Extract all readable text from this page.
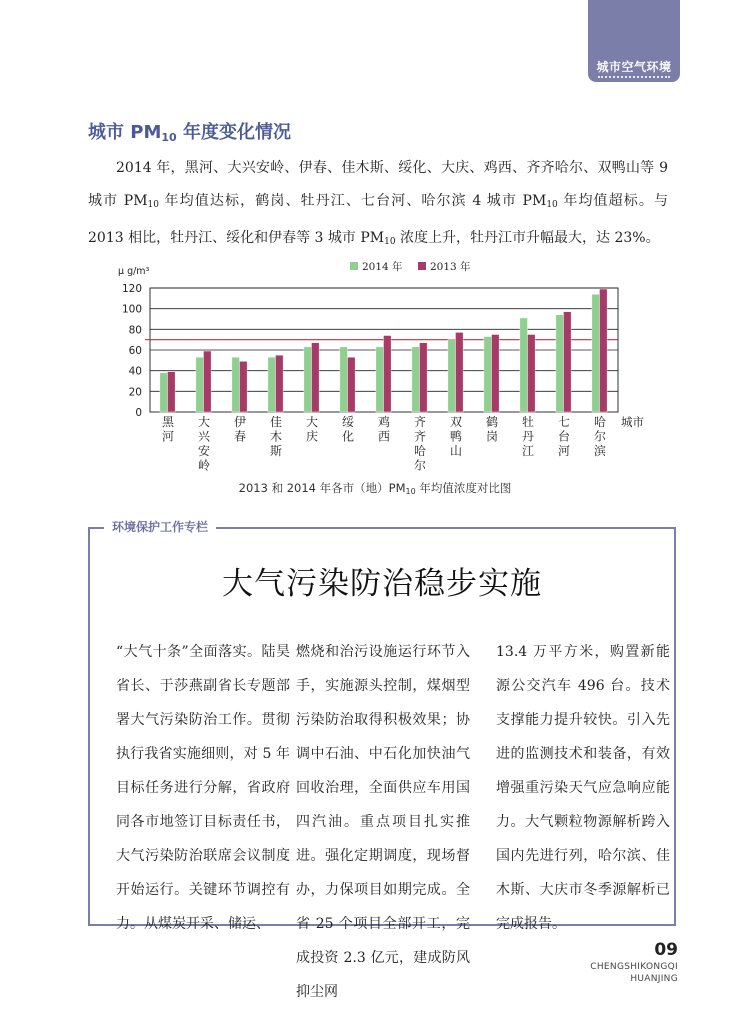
城市空气环境
城市 $PM_{10}$ 年度变化情况
2014 年，黑河、大兴安岭、伊春、佳木斯、绥化、大庆、鸡西、齐齐哈尔、双鸭山等 9 城市 $PM_{10}$ 年均值达标，鹤岗、牡丹江、七台河、哈尔滨 4 城市 $PM_{10}$ 年均值超标。与 2013 相比，牡丹江、绥化和伊春等 3 城市 $PM_{10}$ 浓度上升，牡丹江市升幅最大，达 23%。
0
20
40
60
80
100
120
μ g/m³
黑
河
大
兴
安
岭
伊
春
佳
木
斯
大
庆
绥
化
鸡
西
齐
齐
哈
尔
双
鸭
山
鹤
岗
牡
丹
江
七
台
河
哈
尔
滨
城市
2014 年	2013 年
2013 和 2014 年各市（地）$PM_{10}$ 年均值浓度对比图
环境保护工作专栏
大气污染防治稳步实施
“大气十条”全面落实。陆昊省长、于莎燕副省长专题部署大气污染防治工作。贯彻执行我省实施细则，对 5 年目标任务进行分解，省政府同各市地签订目标责任书，大气污染防治联席会议制度开始运行。关键环节调控有力。从煤炭开采、储运、
燃烧和治污设施运行环节入手，实施源头控制，煤烟型污染防治取得积极效果；协调中石油、中石化加快油气回收治理，全面供应车用国四汽油。重点项目扎实推进。强化定期调度，现场督办，力保项目如期完成。全省 25 个项目全部开工，完成投资 2.3 亿元，建成防风抑尘网
13.4 万平方米，购置新能源公交汽车 496 台。技术支撑能力提升较快。引入先进的监测技术和装备，有效增强重污染天气应急响应能力。大气颗粒物源解析跨入国内先进行列，哈尔滨、佳木斯、大庆市冬季源解析已完成报告。
09
CHENGSHIKONGQI
HUANJING
